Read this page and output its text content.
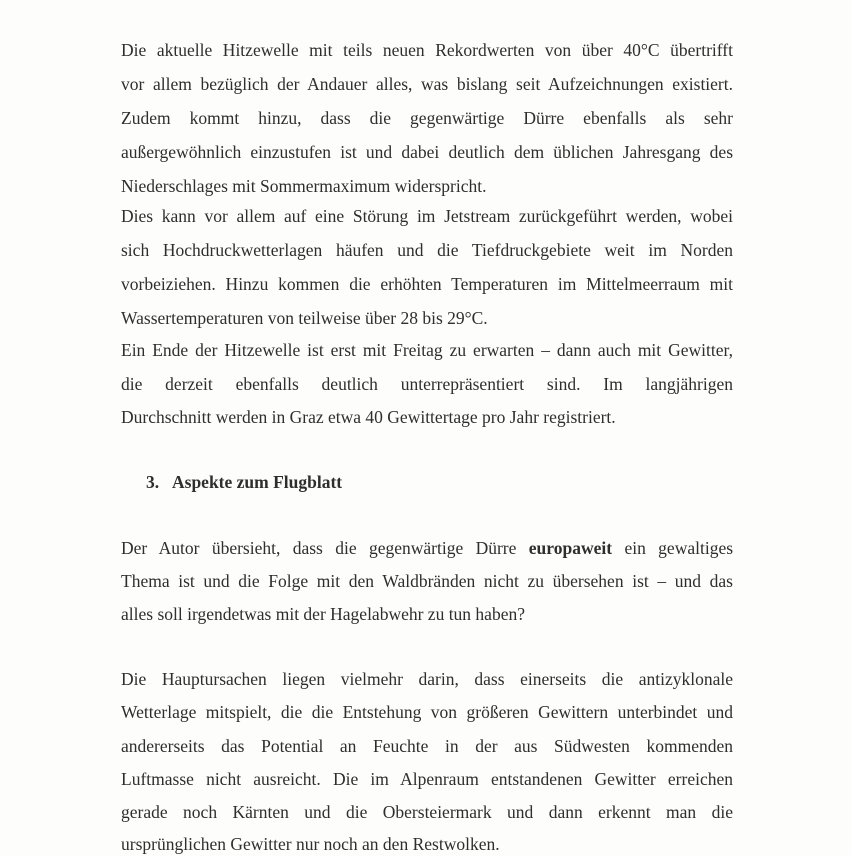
Die aktuelle Hitzewelle mit teils neuen Rekordwerten von über 40°C übertrifft
vor allem bezüglich der Andauer alles, was bislang seit Aufzeichnungen existiert.
Zudem kommt hinzu, dass die gegenwärtige Dürre ebenfalls als sehr
außergewöhnlich einzustufen ist und dabei deutlich dem üblichen Jahresgang des
Niederschlages mit Sommermaximum widerspricht.
Dies kann vor allem auf eine Störung im Jetstream zurückgeführt werden, wobei
sich Hochdruckwetterlagen häufen und die Tiefdruckgebiete weit im Norden
vorbeiziehen. Hinzu kommen die erhöhten Temperaturen im Mittelmeerraum mit
Wassertemperaturen von teilweise über 28 bis 29°C.
Ein Ende der Hitzewelle ist erst mit Freitag zu erwarten – dann auch mit Gewitter,
die derzeit ebenfalls deutlich unterrepräsentiert sind. Im langjährigen
Durchschnitt werden in Graz etwa 40 Gewittertage pro Jahr registriert.
3. Aspekte zum Flugblatt
Der Autor übersieht, dass die gegenwärtige Dürre europaweit ein gewaltiges
Thema ist und die Folge mit den Waldbränden nicht zu übersehen ist – und das
alles soll irgendetwas mit der Hagelabwehr zu tun haben?
Die Hauptursachen liegen vielmehr darin, dass einerseits die antizyklonale
Wetterlage mitspielt, die die Entstehung von größeren Gewittern unterbindet und
andererseits das Potential an Feuchte in der aus Südwesten kommenden
Luftmasse nicht ausreicht. Die im Alpenraum entstandenen Gewitter erreichen
gerade noch Kärnten und die Obersteiermark und dann erkennt man die
ursprünglichen Gewitter nur noch an den Restwolken.
